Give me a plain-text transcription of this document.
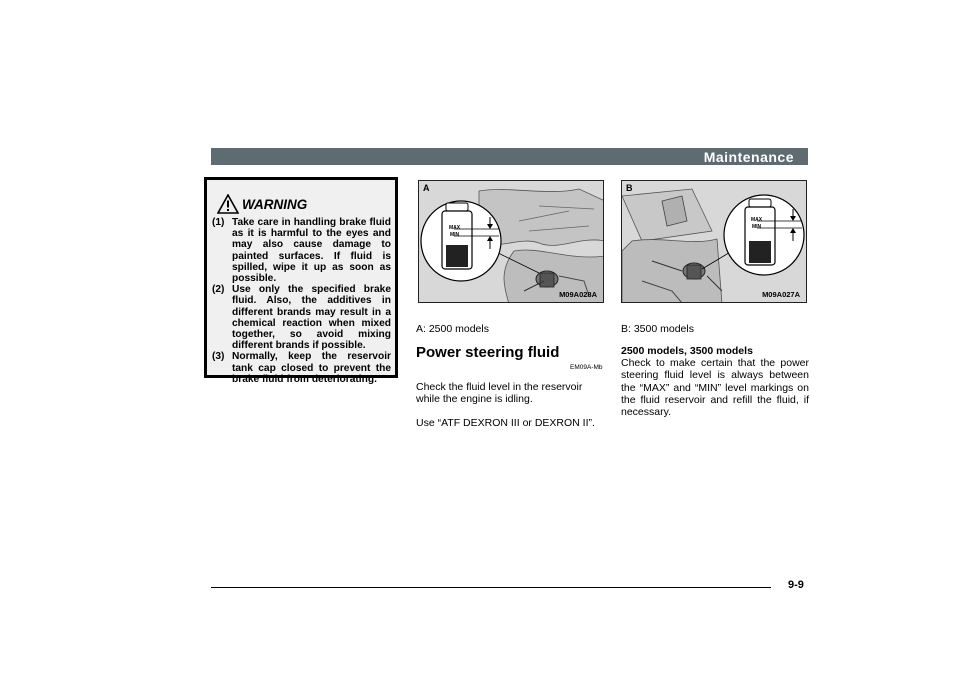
Maintenance
WARNING
(1) Take care in handling brake fluid as it is harmful to the eyes and may also cause damage to painted surfaces. If fluid is spilled, wipe it up as soon as possible.
(2) Use only the specified brake fluid. Also, the additives in different brands may result in a chemical reaction when mixed together, so avoid mixing different brands if possible.
(3) Normally, keep the reservoir tank cap closed to prevent the brake fluid from deteriorating.
MAX
MIN
A
M09A028A
MAX
MIN
B
M09A027A
A: 2500 models	B: 3500 models
Power steering fluid
EM09A-Mb
Check the fluid level in the reservoir while the engine is idling.
Use “ATF DEXRON III or DEXRON II”.
2500 models, 3500 models
Check to make certain that the power steering fluid level is always between the “MAX” and “MIN” level markings on the fluid reservoir and refill the fluid, if necessary.
9-9
